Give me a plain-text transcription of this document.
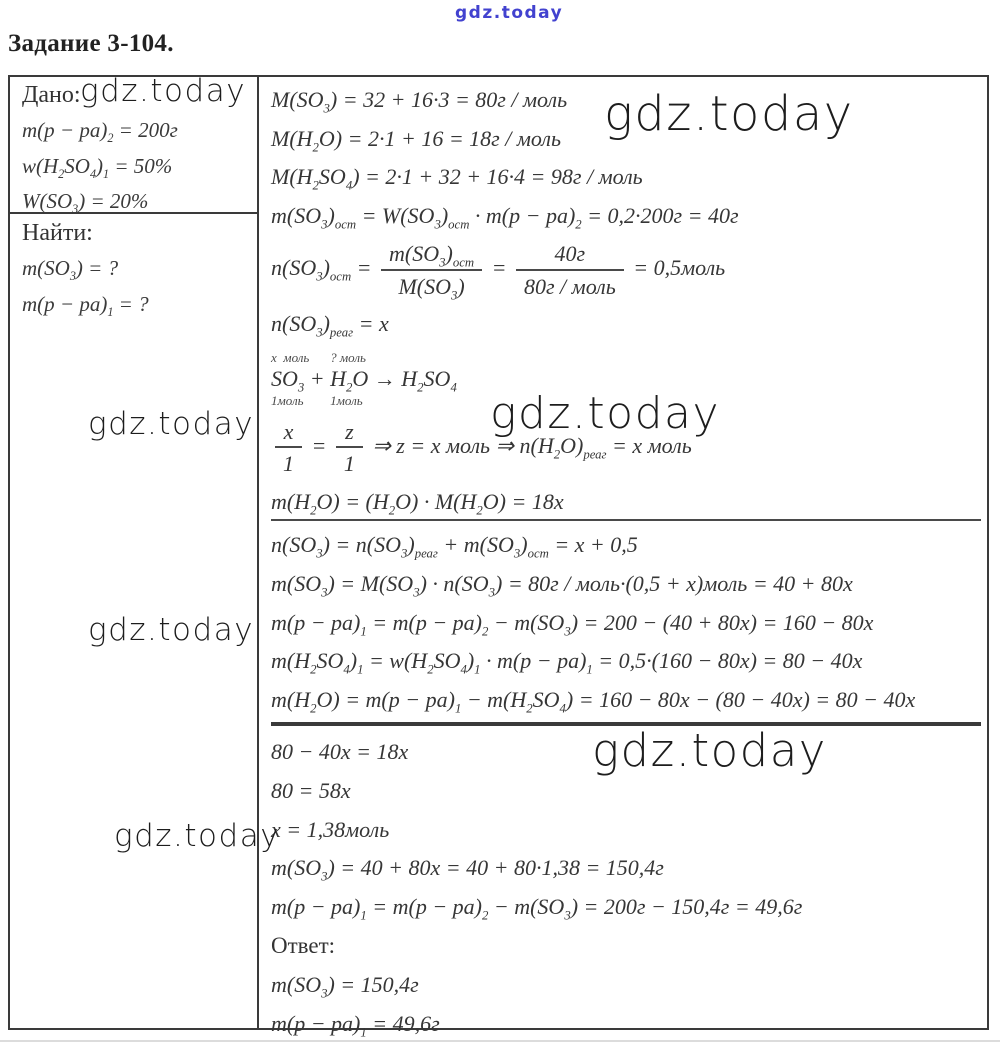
Задание 3-104.
Дано:
$m(p - pa)_2 = 200г$
$w(H_2SO_4)_1 = 50\%$
$W(SO_3) = 20\%$
Найти:
$m(SO_3)$ = ?
$m(p - pa)_1$ = ?
$M(SO_3) = 32 + 16\cdot 3 = 80г$ / моль
$M(H_2O) = 2\cdot 1 + 16 = 18г$ / моль
$M(H_2SO_4) = 2\cdot 1 + 32 + 16\cdot 4 = 98г$ / моль
$m(SO_3)_{ост} = W(SO_3)_{ост} \cdot m(p - pa)_2 = 0,2\cdot 200г = 40г$
$n(SO_3)_{ост} = \frac{m(SO_3)_{ост}}{M(SO_3)} = \frac{40г}{\text{80г / моль}}$ = 0,5моль
$n(SO_3)_{реаг} = x$
x  моль
$SO_3$ +
1моль
? моль
$H_2O$
1моль

→ $H_2SO_4$

$\frac{x}{1} = \frac{z}{1}$ ⇒ z = x моль ⇒ $n(H_2O)_{реаг} = x$ моль
$m(H_2O) = (H_2O) \cdot M(H_2O) = 18x$
$n(SO_3) = n(SO_3)_{реаг} + m(SO_3)_{ост} = x + 0,5$
$m(SO_3) = M(SO_3) \cdot n(SO_3) = 80г$ / моль·(0,5 + x)моль = 40 + 80x
$m(p - pa)_1 = m(p - pa)_2 - m(SO_3) = 200 - (40 + 80x) = 160 - 80x$
$m(H_2SO_4)_1 = w(H_2SO_4)_1 \cdot m(p - pa)_1 = 0,5\cdot(160 - 80x) = 80 - 40x$
$m(H_2O) = m(p - pa)_1 - m(H_2SO_4) = 160 - 80x - (80 - 40x) = 80 - 40x$
80 − 40x = 18x
80 = 58x
x = 1,38моль
$m(SO_3) = 40 + 80x = 40 + 80\cdot 1,38 = 150,4г$
$m(p - pa)_1 = m(p - pa)_2 - m(SO_3) = 200г - 150,4г = 49,6г$
Ответ:
$m(SO_3) = 150,4г$
$m(p - pa)_1 = 49,6г$
gdz.today
gdz.today	gdz.today
gdz.today
gdz.today
gdz.today
gdz.today
gdz.today
